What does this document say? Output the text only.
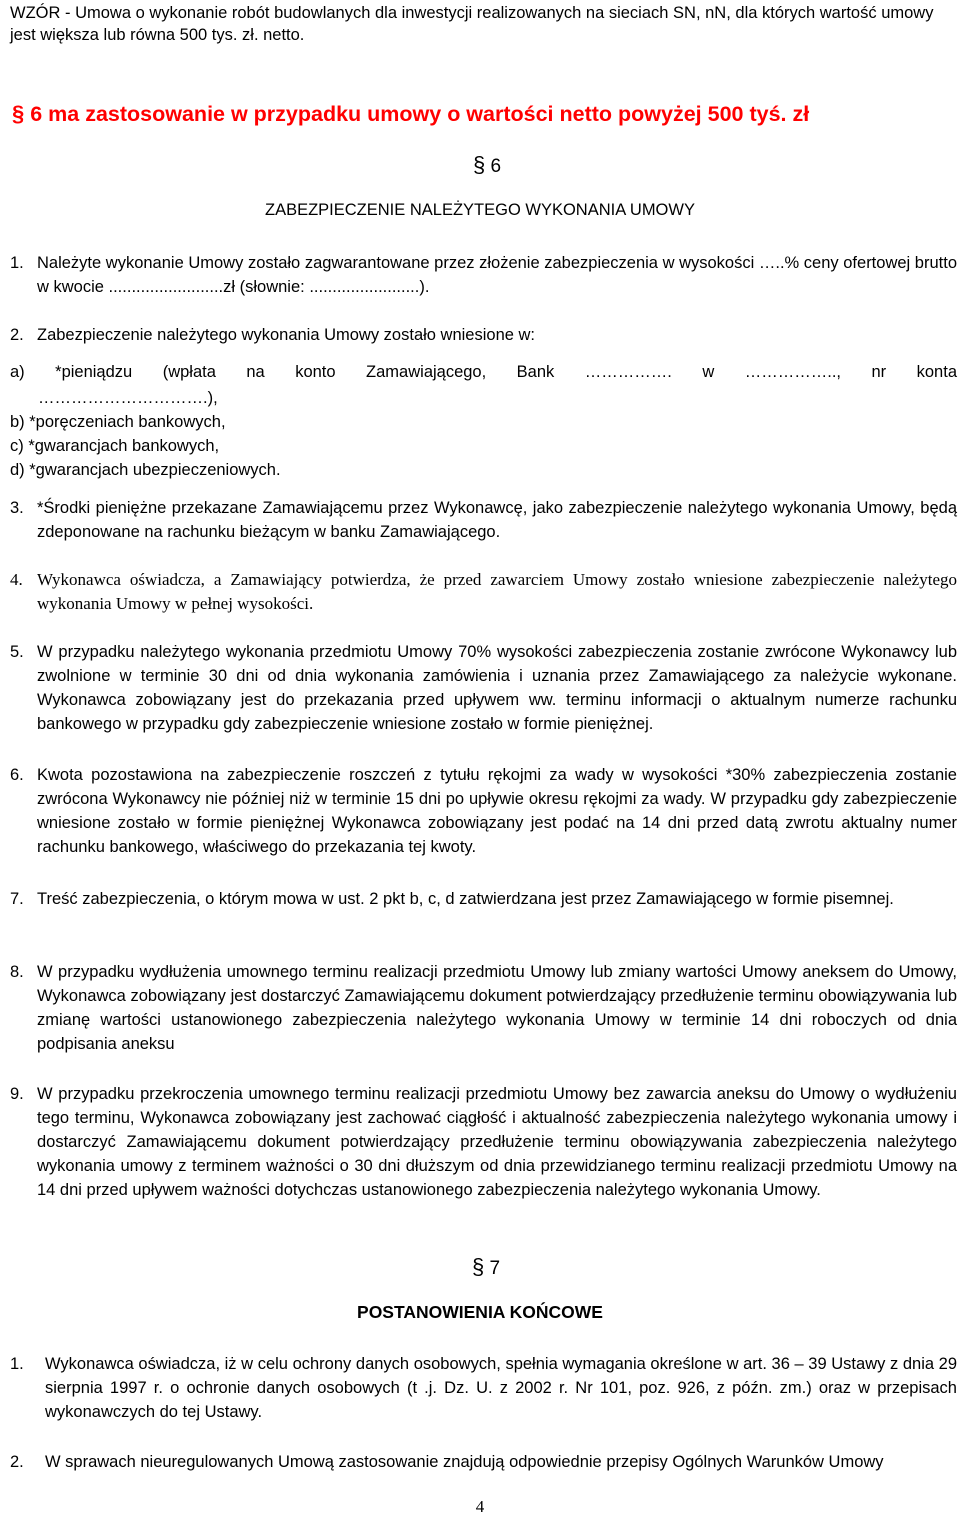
WZÓR - Umowa o wykonanie robót budowlanych dla inwestycji realizowanych na sieciach SN, nN, dla których wartość umowy jest większa lub równa 500 tys. zł. netto.

§ 6 ma zastosowanie w przypadku umowy o wartości netto powyżej 500 tyś. zł
§ 6
ZABEZPIECZENIE NALEŻYTEGO WYKONANIA UMOWY
1. Należyte wykonanie Umowy zostało zagwarantowane przez złożenie zabezpieczenia w wysokości …..% ceny ofertowej brutto w kwocie .........................zł (słownie: ........................).
2. Zabezpieczenie należytego wykonania Umowy zostało wniesione w:
a) *pieniądzu (wpłata na konto Zamawiającego, Bank ……………. w …………….., nr konta
………………………….),
b) *poręczeniach bankowych,
c) *gwarancjach bankowych,
d) *gwarancjach ubezpieczeniowych.
3. *Środki pieniężne przekazane Zamawiającemu przez Wykonawcę, jako zabezpieczenie należytego wykonania Umowy, będą zdeponowane na rachunku bieżącym w banku Zamawiającego.
4. Wykonawca oświadcza, a Zamawiający potwierdza, że przed zawarciem Umowy zostało wniesione zabezpieczenie należytego wykonania Umowy w pełnej wysokości.
5. W przypadku należytego wykonania przedmiotu Umowy 70% wysokości zabezpieczenia zostanie zwrócone Wykonawcy lub zwolnione w terminie 30 dni od dnia wykonania zamówienia i uznania przez Zamawiającego za należycie wykonane. Wykonawca zobowiązany jest do przekazania przed upływem ww. terminu informacji o aktualnym numerze rachunku bankowego w przypadku gdy zabezpieczenie wniesione zostało w formie pieniężnej.
6. Kwota pozostawiona na zabezpieczenie roszczeń z tytułu rękojmi za wady w wysokości *30% zabezpieczenia zostanie zwrócona Wykonawcy nie później niż w terminie 15 dni po upływie okresu rękojmi za wady. W przypadku gdy zabezpieczenie wniesione zostało w formie pieniężnej Wykonawca zobowiązany jest podać na 14 dni przed datą zwrotu aktualny numer rachunku bankowego, właściwego do przekazania tej kwoty.
7. Treść zabezpieczenia, o którym mowa w ust. 2 pkt b, c, d zatwierdzana jest przez Zamawiającego w formie pisemnej.
8. W przypadku wydłużenia umownego terminu realizacji przedmiotu Umowy lub zmiany wartości Umowy aneksem do Umowy, Wykonawca zobowiązany jest dostarczyć Zamawiającemu dokument potwierdzający przedłużenie terminu obowiązywania lub zmianę wartości ustanowionego zabezpieczenia należytego wykonania Umowy w terminie 14 dni roboczych od dnia podpisania aneksu
9. W przypadku przekroczenia umownego terminu realizacji przedmiotu Umowy bez zawarcia aneksu do Umowy o wydłużeniu tego terminu, Wykonawca zobowiązany jest zachować ciągłość i aktualność zabezpieczenia należytego wykonania umowy i dostarczyć Zamawiającemu dokument potwierdzający przedłużenie terminu obowiązywania zabezpieczenia należytego wykonania umowy z terminem ważności o 30 dni dłuższym od dnia przewidzianego terminu realizacji przedmiotu Umowy na 14 dni przed upływem ważności dotychczas ustanowionego zabezpieczenia należytego wykonania Umowy.
§ 7
POSTANOWIENIA KOŃCOWE
1.	Wykonawca oświadcza, iż w celu ochrony danych osobowych, spełnia wymagania określone w art. 36 – 39 Ustawy z dnia 29 sierpnia 1997 r. o ochronie danych osobowych (t .j. Dz. U. z 2002 r. Nr 101, poz. 926, z późn. zm.) oraz w przepisach wykonawczych do tej Ustawy.
2.	W sprawach nieuregulowanych Umową zastosowanie znajdują odpowiednie przepisy Ogólnych Warunków Umowy
4
